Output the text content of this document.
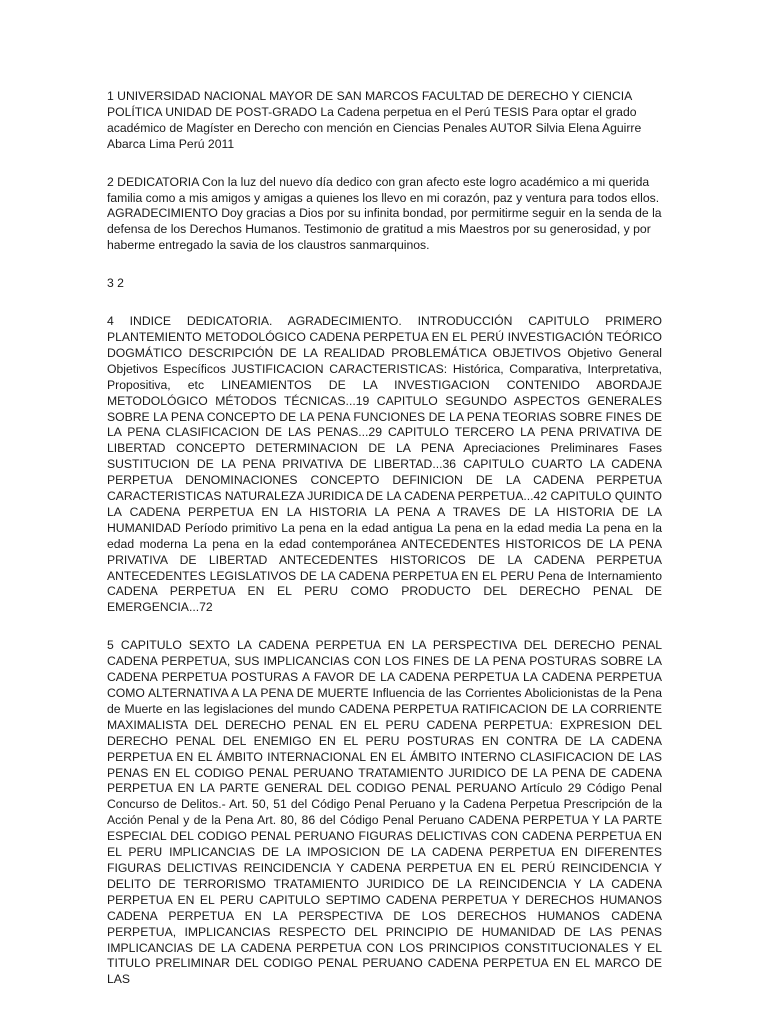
1 UNIVERSIDAD NACIONAL MAYOR DE SAN MARCOS FACULTAD DE DERECHO Y CIENCIA POLÍTICA UNIDAD DE POST-GRADO La Cadena perpetua en el Perú TESIS Para optar el grado académico de Magíster en Derecho con mención en Ciencias Penales AUTOR Silvia Elena Aguirre Abarca Lima Perú 2011

2 DEDICATORIA Con la luz del nuevo día dedico con gran afecto este logro académico a mi querida familia como a mis amigos y amigas a quienes los llevo en mi corazón, paz y ventura para todos ellos. AGRADECIMIENTO Doy gracias a Dios por su infinita bondad, por permitirme seguir en la senda de la defensa de los Derechos Humanos. Testimonio de gratitud a mis Maestros por su generosidad, y por haberme entregado la savia de los claustros sanmarquinos.

3 2

4 INDICE DEDICATORIA. AGRADECIMIENTO. INTRODUCCIÓN CAPITULO PRIMERO PLANTEMIENTO METODOLÓGICO CADENA PERPETUA EN EL PERÚ INVESTIGACIÓN TEÓRICO DOGMÁTICO DESCRIPCIÓN DE LA REALIDAD PROBLEMÁTICA OBJETIVOS Objetivo General Objetivos Específicos JUSTIFICACION CARACTERISTICAS: Histórica, Comparativa, Interpretativa, Propositiva, etc LINEAMIENTOS DE LA INVESTIGACION CONTENIDO ABORDAJE METODOLÓGICO MÉTODOS TÉCNICAS...19 CAPITULO SEGUNDO ASPECTOS GENERALES SOBRE LA PENA CONCEPTO DE LA PENA FUNCIONES DE LA PENA TEORIAS SOBRE FINES DE LA PENA CLASIFICACION DE LAS PENAS...29 CAPITULO TERCERO LA PENA PRIVATIVA DE LIBERTAD CONCEPTO DETERMINACION DE LA PENA Apreciaciones Preliminares Fases SUSTITUCION DE LA PENA PRIVATIVA DE LIBERTAD...36 CAPITULO CUARTO LA CADENA PERPETUA DENOMINACIONES CONCEPTO DEFINICION DE LA CADENA PERPETUA CARACTERISTICAS NATURALEZA JURIDICA DE LA CADENA PERPETUA...42 CAPITULO QUINTO LA CADENA PERPETUA EN LA HISTORIA LA PENA A TRAVES DE LA HISTORIA DE LA HUMANIDAD Período primitivo La pena en la edad antigua La pena en la edad media La pena en la edad moderna La pena en la edad contemporánea ANTECEDENTES HISTORICOS DE LA PENA PRIVATIVA DE LIBERTAD ANTECEDENTES HISTORICOS DE LA CADENA PERPETUA ANTECEDENTES LEGISLATIVOS DE LA CADENA PERPETUA EN EL PERU Pena de Internamiento CADENA PERPETUA EN EL PERU COMO PRODUCTO DEL DERECHO PENAL DE EMERGENCIA...72

5 CAPITULO SEXTO LA CADENA PERPETUA EN LA PERSPECTIVA DEL DERECHO PENAL CADENA PERPETUA, SUS IMPLICANCIAS CON LOS FINES DE LA PENA POSTURAS SOBRE LA CADENA PERPETUA POSTURAS A FAVOR DE LA CADENA PERPETUA LA CADENA PERPETUA COMO ALTERNATIVA A LA PENA DE MUERTE Influencia de las Corrientes Abolicionistas de la Pena de Muerte en las legislaciones del mundo CADENA PERPETUA RATIFICACION DE LA CORRIENTE MAXIMALISTA DEL DERECHO PENAL EN EL PERU CADENA PERPETUA: EXPRESION DEL DERECHO PENAL DEL ENEMIGO EN EL PERU POSTURAS EN CONTRA DE LA CADENA PERPETUA EN EL ÁMBITO INTERNACIONAL EN EL ÁMBITO INTERNO CLASIFICACION DE LAS PENAS EN EL CODIGO PENAL PERUANO TRATAMIENTO JURIDICO DE LA PENA DE CADENA PERPETUA EN LA PARTE GENERAL DEL CODIGO PENAL PERUANO Artículo 29 Código Penal Concurso de Delitos.- Art. 50, 51 del Código Penal Peruano y la Cadena Perpetua Prescripción de la Acción Penal y de la Pena Art. 80, 86 del Código Penal Peruano CADENA PERPETUA Y LA PARTE ESPECIAL DEL CODIGO PENAL PERUANO FIGURAS DELICTIVAS CON CADENA PERPETUA EN EL PERU IMPLICANCIAS DE LA IMPOSICION DE LA CADENA PERPETUA EN DIFERENTES FIGURAS DELICTIVAS REINCIDENCIA Y CADENA PERPETUA EN EL PERÚ REINCIDENCIA Y DELITO DE TERRORISMO TRATAMIENTO JURIDICO DE LA REINCIDENCIA Y LA CADENA PERPETUA EN EL PERU CAPITULO SEPTIMO CADENA PERPETUA Y DERECHOS HUMANOS CADENA PERPETUA EN LA PERSPECTIVA DE LOS DERECHOS HUMANOS CADENA PERPETUA, IMPLICANCIAS RESPECTO DEL PRINCIPIO DE HUMANIDAD DE LAS PENAS IMPLICANCIAS DE LA CADENA PERPETUA CON LOS PRINCIPIOS CONSTITUCIONALES Y EL TITULO PRELIMINAR DEL CODIGO PENAL PERUANO CADENA PERPETUA EN EL MARCO DE LAS
